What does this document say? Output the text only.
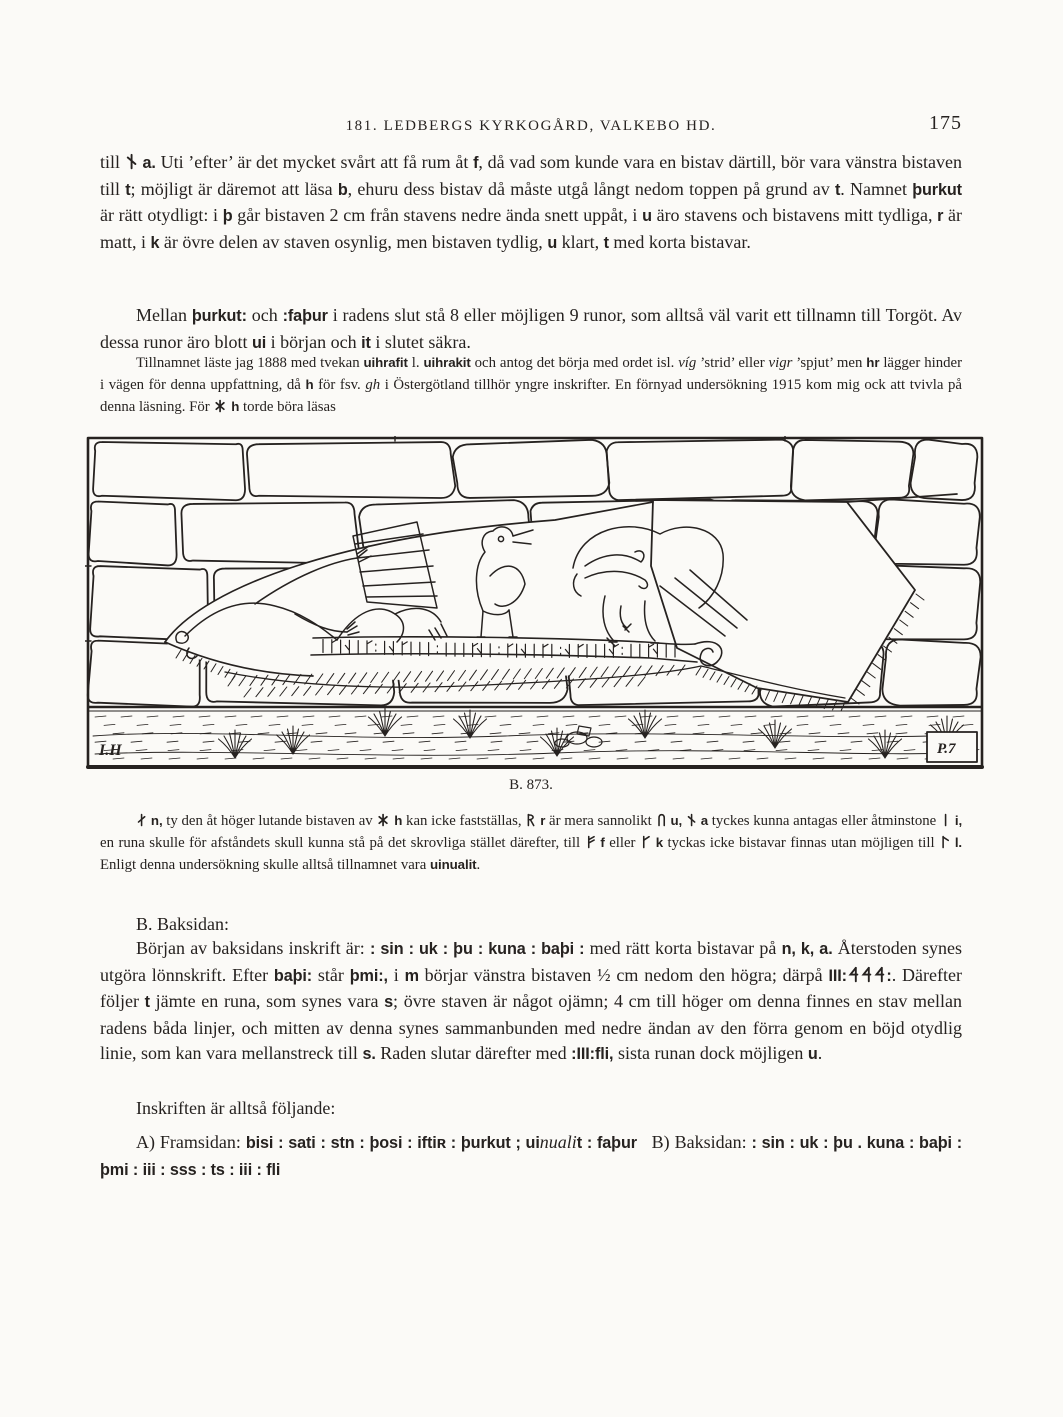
181. LEDBERGS KYRKOGÅRD, VALKEBO HD.	175

till  a. Uti ’efter’ är det mycket svårt att få rum åt f, då vad som kunde vara en bistav därtill, bör vara vänstra bistaven till t; möjligt är däremot att läsa b, ehuru dess bistav då måste utgå långt nedom toppen på grund av t. Namnet þurkut är rätt otydligt: i þ går bistaven 2 cm från stavens nedre ända snett uppåt, i u äro stavens och bistavens mitt tydliga, r är matt, i k är övre delen av staven osynlig, men bistaven tydlig, u klart, t med korta bistavar.

Mellan þurkut: och :faþur i radens slut stå 8 eller möjligen 9 runor, som alltså väl varit ett tillnamn till Torgöt. Av dessa runor äro blott ui i början och it i slutet säkra.

Tillnamnet läste jag 1888 med tvekan uihrafit l. uihrakit och antog det börja med ordet isl. víg ’strid’ eller vigr ’spjut’ men hr lägger hinder i vägen för denna uppfattning, då h för fsv. gh i Östergötland tillhör yngre inskrifter. En förnyad undersökning 1915 kom mig ock att tvivla på denna läsning. För  h torde böra läsas

I.H	P.7

B. 873.

n, ty den åt höger lutande bistaven av  h kan icke fastställas,  r är mera sannolikt  u, a tyckes kunna antagas eller åtminstone  i, en runa skulle för afståndets skull kunna stå på det skrovliga stället därefter, till  f eller  k tyckas icke bistavar finnas utan möjligen till  l. Enligt denna undersökning skulle alltså tillnamnet vara uinualit.

B. Baksidan:

Början av baksidans inskrift är: : sin : uk : þu : kuna : baþi : med rätt korta bistavar på n, k, a. Återstoden synes utgöra lönnskrift. Efter baþi: står þmi:, i m börjar vänstra bistaven ½ cm nedom den högra; därpå III: :. Därefter följer t jämte en runa, som synes vara s; övre staven är något ojämn; 4 cm till höger om denna finnes en stav mellan radens båda linjer, och mitten av denna synes sammanbunden med nedre ändan av den förra genom en böjd otydlig linie, som kan vara mellanstreck till s. Raden slutar därefter med :III:fli, sista runan dock möjligen u.

Inskriften är alltså följande:

A) Framsidan: bisi : sati : stn : þosi : iftiʀ : þurkut ; uinualit : faþur   B) Baksidan: : sin : uk : þu . kuna : baþi : þmi : iii : sss : ts : iii : fli
